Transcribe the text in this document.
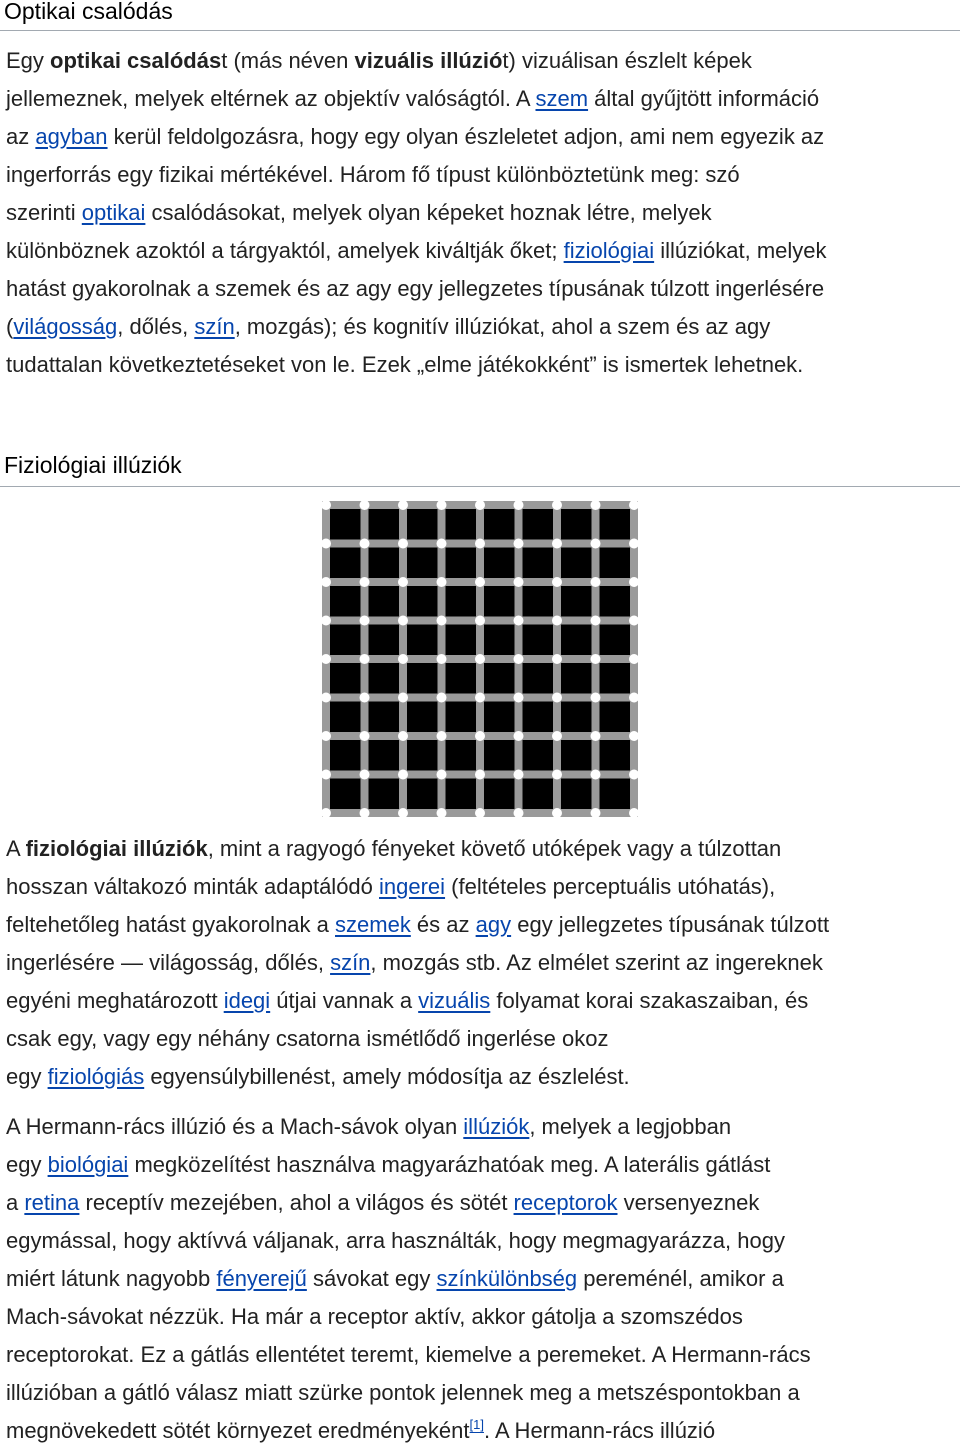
Optikai csalódás
Egy optikai csalódást (más néven vizuális illúziót) vizuálisan észlelt képek
jellemeznek, melyek eltérnek az objektív valóságtól. A szem által gyűjtött információ
az agyban kerül feldolgozásra, hogy egy olyan észleletet adjon, ami nem egyezik az
ingerforrás egy fizikai mértékével. Három fő típust különböztetünk meg: szó
szerinti optikai csalódásokat, melyek olyan képeket hoznak létre, melyek
különböznek azoktól a tárgyaktól, amelyek kiváltják őket; fiziológiai illúziókat, melyek
hatást gyakorolnak a szemek és az agy egy jellegzetes típusának túlzott ingerlésére
(világosság, dőlés, szín, mozgás); és kognitív illúziókat, ahol a szem és az agy
tudattalan következtetéseket von le. Ezek „elme játékokként” is ismertek lehetnek.
Fiziológiai illúziók
A fiziológiai illúziók, mint a ragyogó fényeket követő utóképek vagy a túlzottan
hosszan váltakozó minták adaptálódó ingerei (feltételes perceptuális utóhatás),
feltehetőleg hatást gyakorolnak a szemek és az agy egy jellegzetes típusának túlzott
ingerlésére — világosság, dőlés, szín, mozgás stb. Az elmélet szerint az ingereknek
egyéni meghatározott idegi útjai vannak a vizuális folyamat korai szakaszaiban, és
csak egy, vagy egy néhány csatorna ismétlődő ingerlése okoz
egy fiziológiás egyensúlybillenést, amely módosítja az észlelést.
A Hermann-rács illúzió és a Mach-sávok olyan illúziók, melyek a legjobban
egy biológiai megközelítést használva magyarázhatóak meg. A laterális gátlást
a retina receptív mezejében, ahol a világos és sötét receptorok versenyeznek
egymással, hogy aktívvá váljanak, arra használták, hogy megmagyarázza, hogy
miért látunk nagyobb fényerejű sávokat egy színkülönbség pereménél, amikor a
Mach-sávokat nézzük. Ha már a receptor aktív, akkor gátolja a szomszédos
receptorokat. Ez a gátlás ellentétet teremt, kiemelve a peremeket. A Hermann-rács
illúzióban a gátló válasz miatt szürke pontok jelennek meg a metszéspontokban a
megnövekedett sötét környezet eredményeként[1]. A Hermann-rács illúzió
